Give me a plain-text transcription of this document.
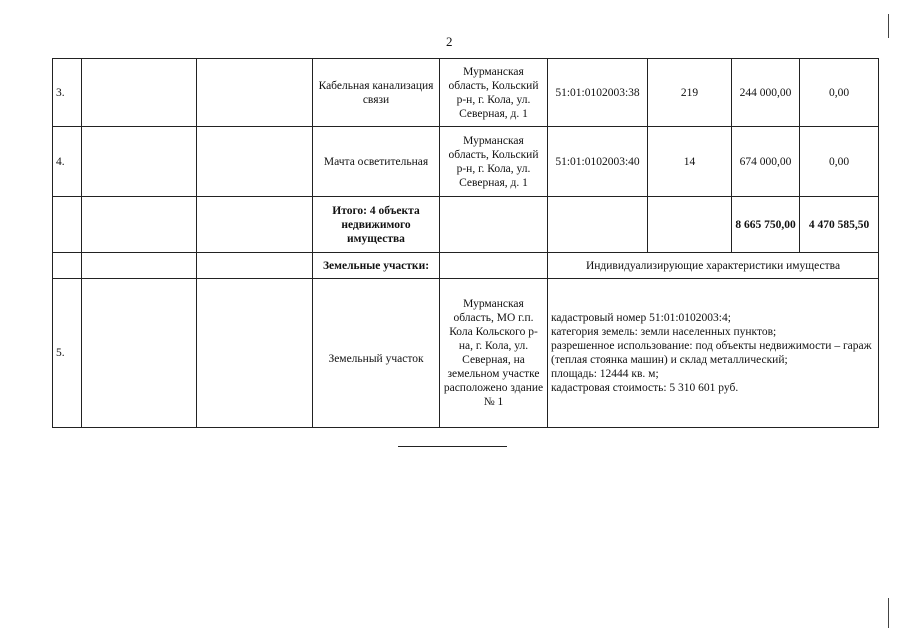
2
3.			Кабельная канализация связи	Мурманская область, Кольский р-н, г. Кола, ул. Северная, д. 1	51:01:0102003:38	219	244 000,00	0,00
4.			Мачта осветительная	Мурманская область, Кольский р-н, г. Кола, ул. Северная, д. 1	51:01:0102003:40	14	674 000,00	0,00
			Итого: 4 объекта недвижимого имущества				8 665 750,00	4 470 585,50
			Земельные участки:		Индивидуализирующие характеристики имущества			
5.			Земельный участок	Мурманская область, МО г.п. Кола Кольского р-на, г. Кола, ул. Северная, на земельном участке расположено здание № 1	кадастровый номер 51:01:0102003:4;
категория земель: земли населенных пунктов;
разрешенное использование: под объекты недвижимости – гараж (теплая стоянка машин) и склад металлический;
площадь: 12444 кв. м;
кадастровая стоимость: 5 310 601 руб.			
